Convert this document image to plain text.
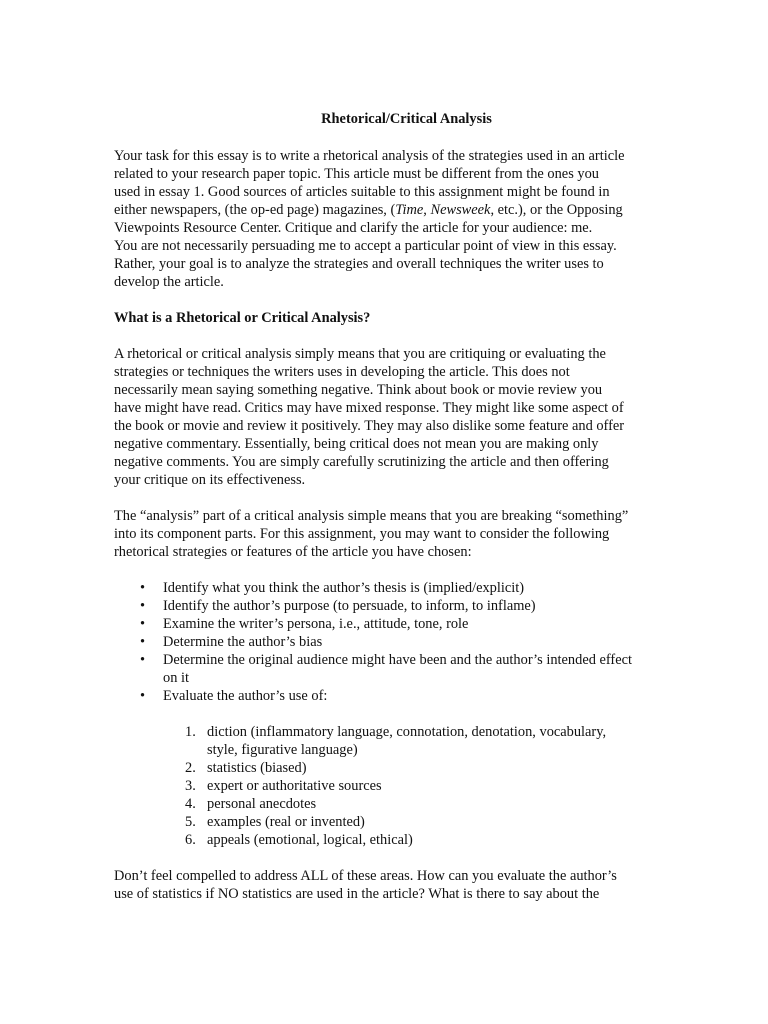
Rhetorical/Critical Analysis

Your task for this essay is to write a rhetorical analysis of the strategies used in an article

related to your research paper topic. This article must be different from the ones you

used in essay 1. Good sources of articles suitable to this assignment might be found in

either newspapers, (the op-ed page) magazines, (Time, Newsweek, etc.), or the Opposing

Viewpoints Resource Center. Critique and clarify the article for your audience: me.

You are not necessarily persuading me to accept a particular point of view in this essay.

Rather, your goal is to analyze the strategies and overall techniques the writer uses to

develop the article.

What is a Rhetorical or Critical Analysis?

A rhetorical or critical analysis simply means that you are critiquing or evaluating the

strategies or techniques the writers uses in developing the article. This does not

necessarily mean saying something negative. Think about book or movie review you

have might have read. Critics may have mixed response. They might like some aspect of

the book or movie and review it positively. They may also dislike some feature and offer

negative commentary. Essentially, being critical does not mean you are making only

negative comments. You are simply carefully scrutinizing the article and then offering

your critique on its effectiveness.

The “analysis” part of a critical analysis simple means that you are breaking “something”

into its component parts. For this assignment, you may want to consider the following

rhetorical strategies or features of the article you have chosen:

• Identify what you think the author’s thesis is (implied/explicit)
• Identify the author’s purpose (to persuade, to inform, to inflame)
• Examine the writer’s persona, i.e., attitude, tone, role
• Determine the author’s bias
• Determine the original audience might have been and the author’s intended effect
on it
• Evaluate the author’s use of:
1. diction (inflammatory language, connotation, denotation, vocabulary,
style, figurative language)
2. statistics (biased)
3. expert or authoritative sources
4. personal anecdotes
5. examples (real or invented)
6. appeals (emotional, logical, ethical)

Don’t feel compelled to address ALL of these areas. How can you evaluate the author’s

use of statistics if NO statistics are used in the article? What is there to say about the
